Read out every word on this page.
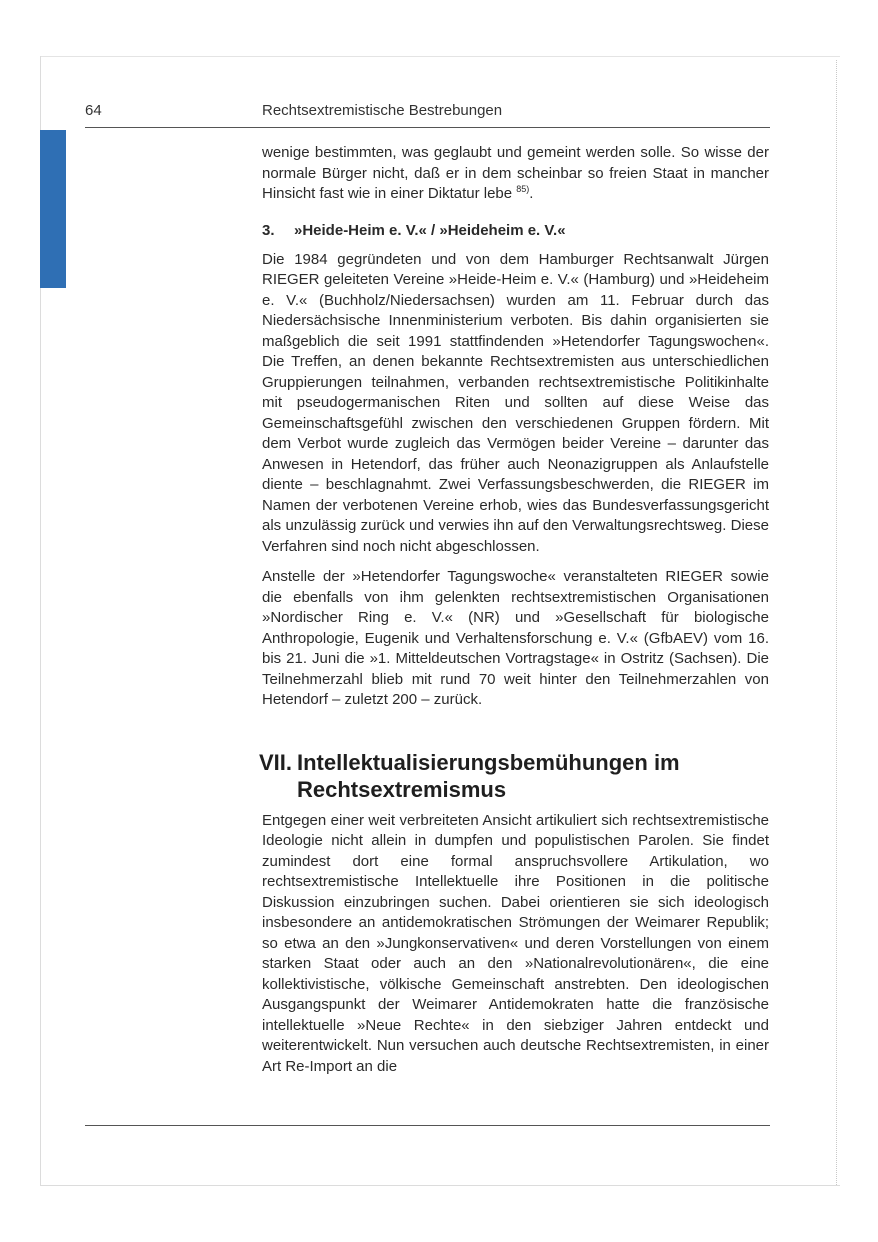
64	Rechtsextremistische Bestrebungen

wenige bestimmten, was geglaubt und gemeint werden solle. So wisse der normale Bürger nicht, daß er in dem scheinbar so freien Staat in mancher Hinsicht fast wie in einer Diktatur lebe $^{85)}$.

3. »Heide-Heim e. V.« / »Heideheim e. V.«

Die 1984 gegründeten und von dem Hamburger Rechtsanwalt Jürgen RIEGER geleiteten Vereine »Heide-Heim e. V.« (Hamburg) und »Heideheim e. V.« (Buchholz/Niedersachsen) wurden am 11. Februar durch das Niedersächsische Innenministerium verboten. Bis dahin organisierten sie maßgeblich die seit 1991 stattfindenden »Hetendorfer Tagungswochen«. Die Treffen, an denen bekannte Rechtsextremisten aus unterschiedlichen Gruppierungen teilnahmen, verbanden rechtsextremistische Politikinhalte mit pseudogermanischen Riten und sollten auf diese Weise das Gemeinschaftsgefühl zwischen den verschiedenen Gruppen fördern. Mit dem Verbot wurde zugleich das Vermögen beider Vereine – darunter das Anwesen in Hetendorf, das früher auch Neonazigruppen als Anlaufstelle diente – beschlagnahmt. Zwei Verfassungsbeschwerden, die RIEGER im Namen der verbotenen Vereine erhob, wies das Bundesverfassungsgericht als unzulässig zurück und verwies ihn auf den Verwaltungsrechtsweg. Diese Verfahren sind noch nicht abgeschlossen.

Anstelle der »Hetendorfer Tagungswoche« veranstalteten RIEGER sowie die ebenfalls von ihm gelenkten rechtsextremistischen Organisationen »Nordischer Ring e. V.« (NR) und »Gesellschaft für biologische Anthropologie, Eugenik und Verhaltensforschung e. V.« (GfbAEV) vom 16. bis 21. Juni die »1. Mitteldeutschen Vortragstage« in Ostritz (Sachsen). Die Teilnehmerzahl blieb mit rund 70 weit hinter den Teilnehmerzahlen von Hetendorf – zuletzt 200 – zurück.

VII. Intellektualisierungsbemühungen im
Rechtsextremismus

Entgegen einer weit verbreiteten Ansicht artikuliert sich rechtsextremistische Ideologie nicht allein in dumpfen und populistischen Parolen. Sie findet zumindest dort eine formal anspruchsvollere Artikulation, wo rechtsextremistische Intellektuelle ihre Positionen in die politische Diskussion einzubringen suchen. Dabei orientieren sie sich ideologisch insbesondere an antidemokratischen Strömungen der Weimarer Republik; so etwa an den »Jungkonservativen« und deren Vorstellungen von einem starken Staat oder auch an den »Nationalrevolutionären«, die eine kollektivistische, völkische Gemeinschaft anstrebten. Den ideologischen Ausgangspunkt der Weimarer Antidemokraten hatte die französische intellektuelle »Neue Rechte« in den siebziger Jahren entdeckt und weiterentwickelt. Nun versuchen auch deutsche Rechtsextremisten, in einer Art Re-Import an die
